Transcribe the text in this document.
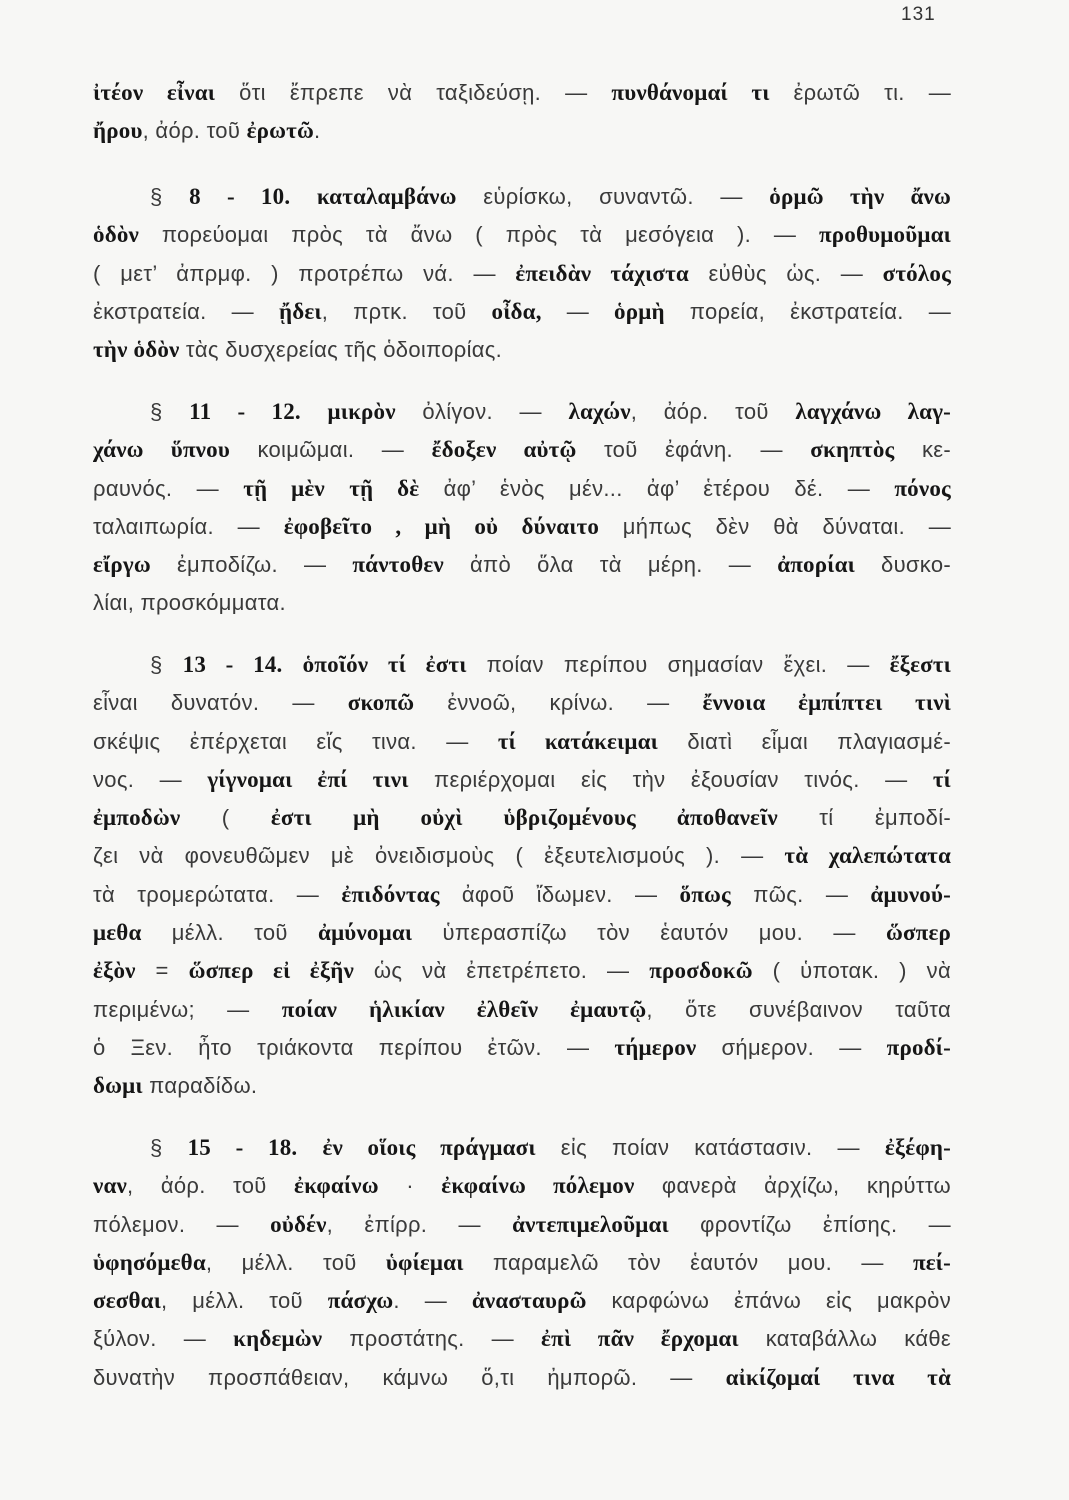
131
ἰτέον εἶναι ὅτι ἔπρεπε νὰ ταξιδεύσῃ. — πυνθάνομαί τι ἐρωτῶ τι. —
ἤρου, ἀόρ. τοῦ ἐρωτῶ.
§ 8 - 10. καταλαμβάνω εὑρίσκω, συναντῶ. — ὁρμῶ τὴν ἄνω
ὁδὸν πορεύομαι πρὸς τὰ ἄνω ( πρὸς τὰ μεσόγεια ). — προθυμοῦμαι
( μετ’ ἀπρμφ. ) προτρέπω νά. — ἐπειδὰν τάχιστα εὐθὺς ὡς. — στόλος
ἐκστρατεία. — ᾔδει, πρτκ. τοῦ οἶδα, — ὁρμὴ πορεία, ἐκστρατεία. —
τὴν ὁδὸν τὰς δυσχερείας τῆς ὁδοιπορίας.
§ 11 - 12. μικρὸν ὀλίγον. — λαχών, ἀόρ. τοῦ λαγχάνω λαγ-
χάνω ὕπνου κοιμῶμαι. — ἔδοξεν αὐτῷ τοῦ ἐφάνη. — σκηπτὸς κε-
ραυνός. — τῇ μὲν τῇ δὲ ἀφ’ ἑνὸς μέν... ἀφ’ ἑτέρου δέ. — πόνος
ταλαιπωρία. — ἐφοβεῖτο , μὴ οὐ δύναιτο μήπως δὲν θὰ δύναται. —
εἴργω ἐμποδίζω. — πάντοθεν ἀπὸ ὅλα τὰ μέρη. — ἀπορίαι δυσκο-
λίαι, προσκόμματα.
§ 13 - 14. ὁποῖόν τί ἐστι ποίαν περίπου σημασίαν ἔχει. — ἔξεστι
εἶναι δυνατόν. — σκοπῶ ἐννοῶ, κρίνω. — ἔννοια ἐμπίπτει τινὶ
σκέψις ἐπέρχεται εἴς τινα. — τί κατάκειμαι διατὶ εἶμαι πλαγιασμέ-
νος. — γίγνομαι ἐπί τινι περιέρχομαι εἰς τὴν ἐξουσίαν τινός. — τί
ἐμποδὼν ( ἐστι μὴ οὐχὶ ὑβριζομένους ἀποθανεῖν τί ἐμποδί-
ζει νὰ φονευθῶμεν μὲ ὀνειδισμοὺς ( ἐξευτελισμούς ). — τὰ χαλεπώτατα
τὰ τρομερώτατα. — ἐπιδόντας ἀφοῦ ἴδωμεν. — ὅπως πῶς. — ἀμυνού-
μεθα μέλλ. τοῦ ἀμύνομαι ὑπερασπίζω τὸν ἑαυτόν μου. — ὥσπερ
ἐξὸν = ὥσπερ εἰ ἐξῆν ὡς νὰ ἐπετρέπετο. — προσδοκῶ ( ὑποτακ. ) νὰ
περιμένω; — ποίαν ἡλικίαν ἐλθεῖν ἐμαυτῷ, ὅτε συνέβαινον ταῦτα
ὁ Ξεν. ἦτο τριάκοντα περίπου ἐτῶν. — τήμερον σήμερον. — προδί-
δωμι παραδίδω.
§ 15 - 18. ἐν οἵοις πράγμασι εἰς ποίαν κατάστασιν. — ἐξέφη-
ναν, ἀόρ. τοῦ ἐκφαίνω · ἐκφαίνω πόλεμον φανερὰ ἀρχίζω, κηρύττω
πόλεμον. — οὐδέν, ἐπίρρ. — ἀντεπιμελοῦμαι φροντίζω ἐπίσης. —
ὑφησόμεθα, μέλλ. τοῦ ὑφίεμαι παραμελῶ τὸν ἑαυτόν μου. — πεί-
σεσθαι, μέλλ. τοῦ πάσχω. — ἀνασταυρῶ καρφώνω ἐπάνω εἰς μακρὸν
ξύλον. — κηδεμὼν προστάτης. — ἐπὶ πᾶν ἔρχομαι καταβάλλω κάθε
δυνατὴν προσπάθειαν, κάμνω ὅ,τι ἠμπορῶ. — αἰκίζομαί τινα τὰ
